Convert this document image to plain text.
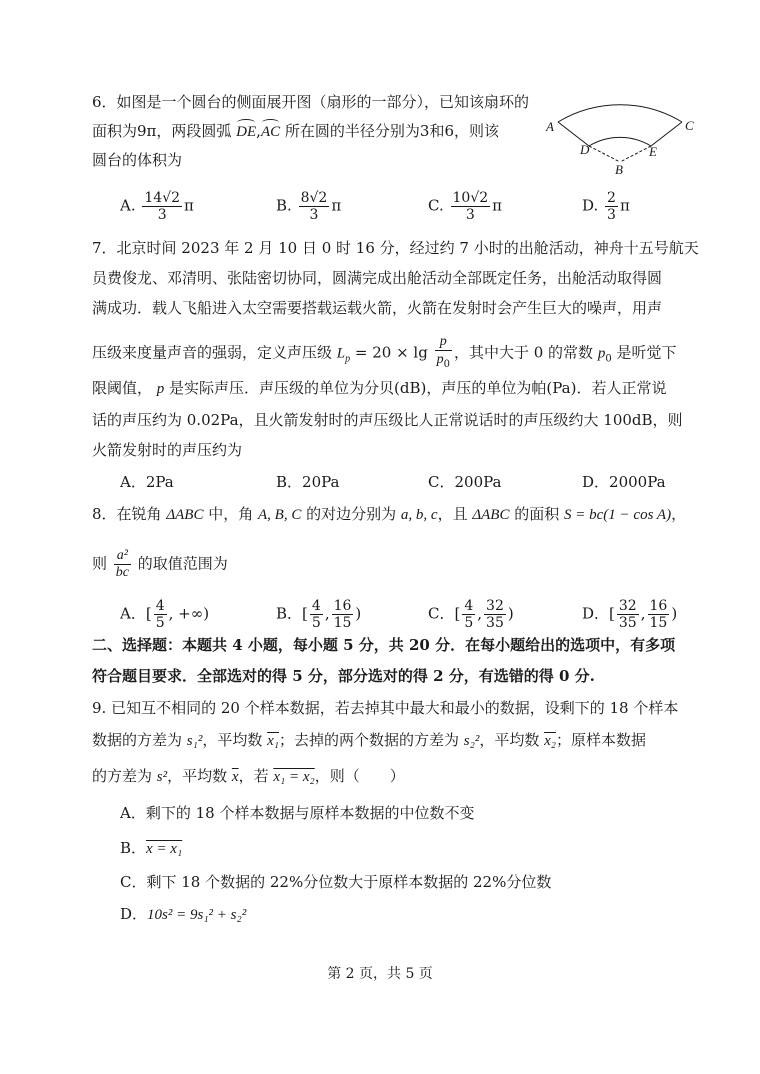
6．如图是一个圆台的侧面展开图（扇形的一部分），已知该扇环的
面积为9π，两段圆弧 DE,AC 所在圆的半径分别为3和6，则该
圆台的体积为
A	C
D	E
B
A. $\frac{14√2}{3}$ π	B. $\frac{8√2}{3}$ π	C. $\frac{10√2}{3}$ π	D. $\frac{2}{3}$ π
7．北京时间 2023 年 2 月 10 日 0 时 16 分，经过约 7 小时的出舱活动，神舟十五号航天
员费俊龙、邓清明、张陆密切协同，圆满完成出舱活动全部既定任务，出舱活动取得圆
满成功．载人飞船进入太空需要搭载运载火箭，火箭在发射时会产生巨大的噪声，用声
压级来度量声音的强弱，定义声压级 $L_p = 20 \times \lg \frac{p}{p_0}$ ，其中大于 0 的常数 $p_0$ 是听觉下
限阈值， p 是实际声压．声压级的单位为分贝(dB)，声压的单位为帕(Pa)．若人正常说
话的声压约为 0.02Pa，且火箭发射时的声压级比人正常说话时的声压级约大 100dB，则
火箭发射时的声压约为
A．2Pa	B．20Pa	C．200Pa	D．2000Pa
8．在锐角 ΔABC 中，角 A, B, C 的对边分别为 a, b, c，且 ΔABC 的面积 S = bc(1 − cos A)，
则 $\frac{\text{a²}}{bc}$ 的取值范围为
A．[ $\frac{4}{5}$ , +∞)	B．[ $\frac{4}{5}$ , $\frac{16}{15}$ )	C．[ $\frac{4}{5}$ , $\frac{32}{35}$ )	D．[ $\frac{32}{35}$ , $\frac{16}{15}$ )
二、选择题：本题共 4 小题，每小题 5 分，共 20 分．在每小题给出的选项中，有多项
符合题目要求．全部选对的得 5 分，部分选对的得 2 分，有选错的得 0 分.
9. 已知互不相同的 20 个样本数据，若去掉其中最大和最小的数据，设剩下的 18 个样本
数据的方差为 s₁²，平均数 x₁；去掉的两个数据的方差为 s₂²，平均数 x₂；原样本数据
的方差为 s²，平均数 $\overline{x}$，若 x₁ = x₂，则（　　）
A．剩下的 18 个样本数据与原样本数据的中位数不变
B．x = x₁
C．剩下 18 个数据的 22%分位数大于原样本数据的 22%分位数
D．10s² = 9s₁² + s₂²
第 2 页，共 5 页
